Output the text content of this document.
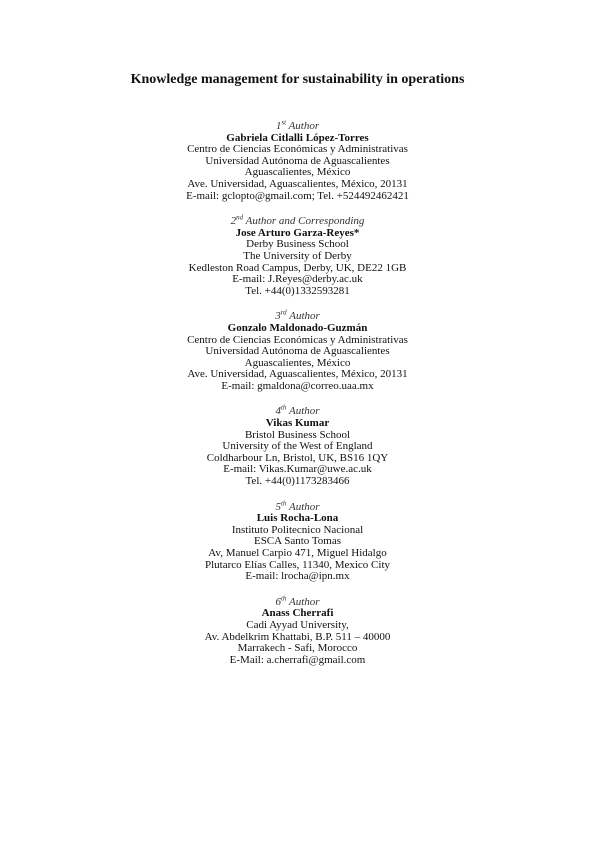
Knowledge management for sustainability in operations
1st Author
Gabriela Citlalli López-Torres
Centro de Ciencias Económicas y Administrativas
Universidad Autónoma de Aguascalientes
Aguascalientes, México
Ave. Universidad, Aguascalientes, México, 20131
E-mail: gclopto@gmail.com; Tel. +524492462421
2nd Author and Corresponding
Jose Arturo Garza-Reyes*
Derby Business School
The University of Derby
Kedleston Road Campus, Derby, UK, DE22 1GB
E-mail: J.Reyes@derby.ac.uk
Tel. +44(0)1332593281
3rd Author
Gonzalo Maldonado-Guzmán
Centro de Ciencias Económicas y Administrativas
Universidad Autónoma de Aguascalientes
Aguascalientes, México
Ave. Universidad, Aguascalientes, México, 20131
E-mail: gmaldona@correo.uaa.mx
4th Author
Vikas Kumar
Bristol Business School
University of the West of England
Coldharbour Ln, Bristol, UK, BS16 1QY
E-mail: Vikas.Kumar@uwe.ac.uk
Tel. +44(0)1173283466
5th Author
Luis Rocha-Lona
Instituto Politecnico Nacional
ESCA Santo Tomas
Av, Manuel Carpio 471, Miguel Hidalgo
Plutarco Elías Calles, 11340, Mexico City
E-mail: lrocha@ipn.mx
6th Author
Anass Cherrafi
Cadi Ayyad University,
Av. Abdelkrim Khattabi, B.P. 511 – 40000
Marrakech - Safi, Morocco
E-Mail: a.cherrafi@gmail.com
